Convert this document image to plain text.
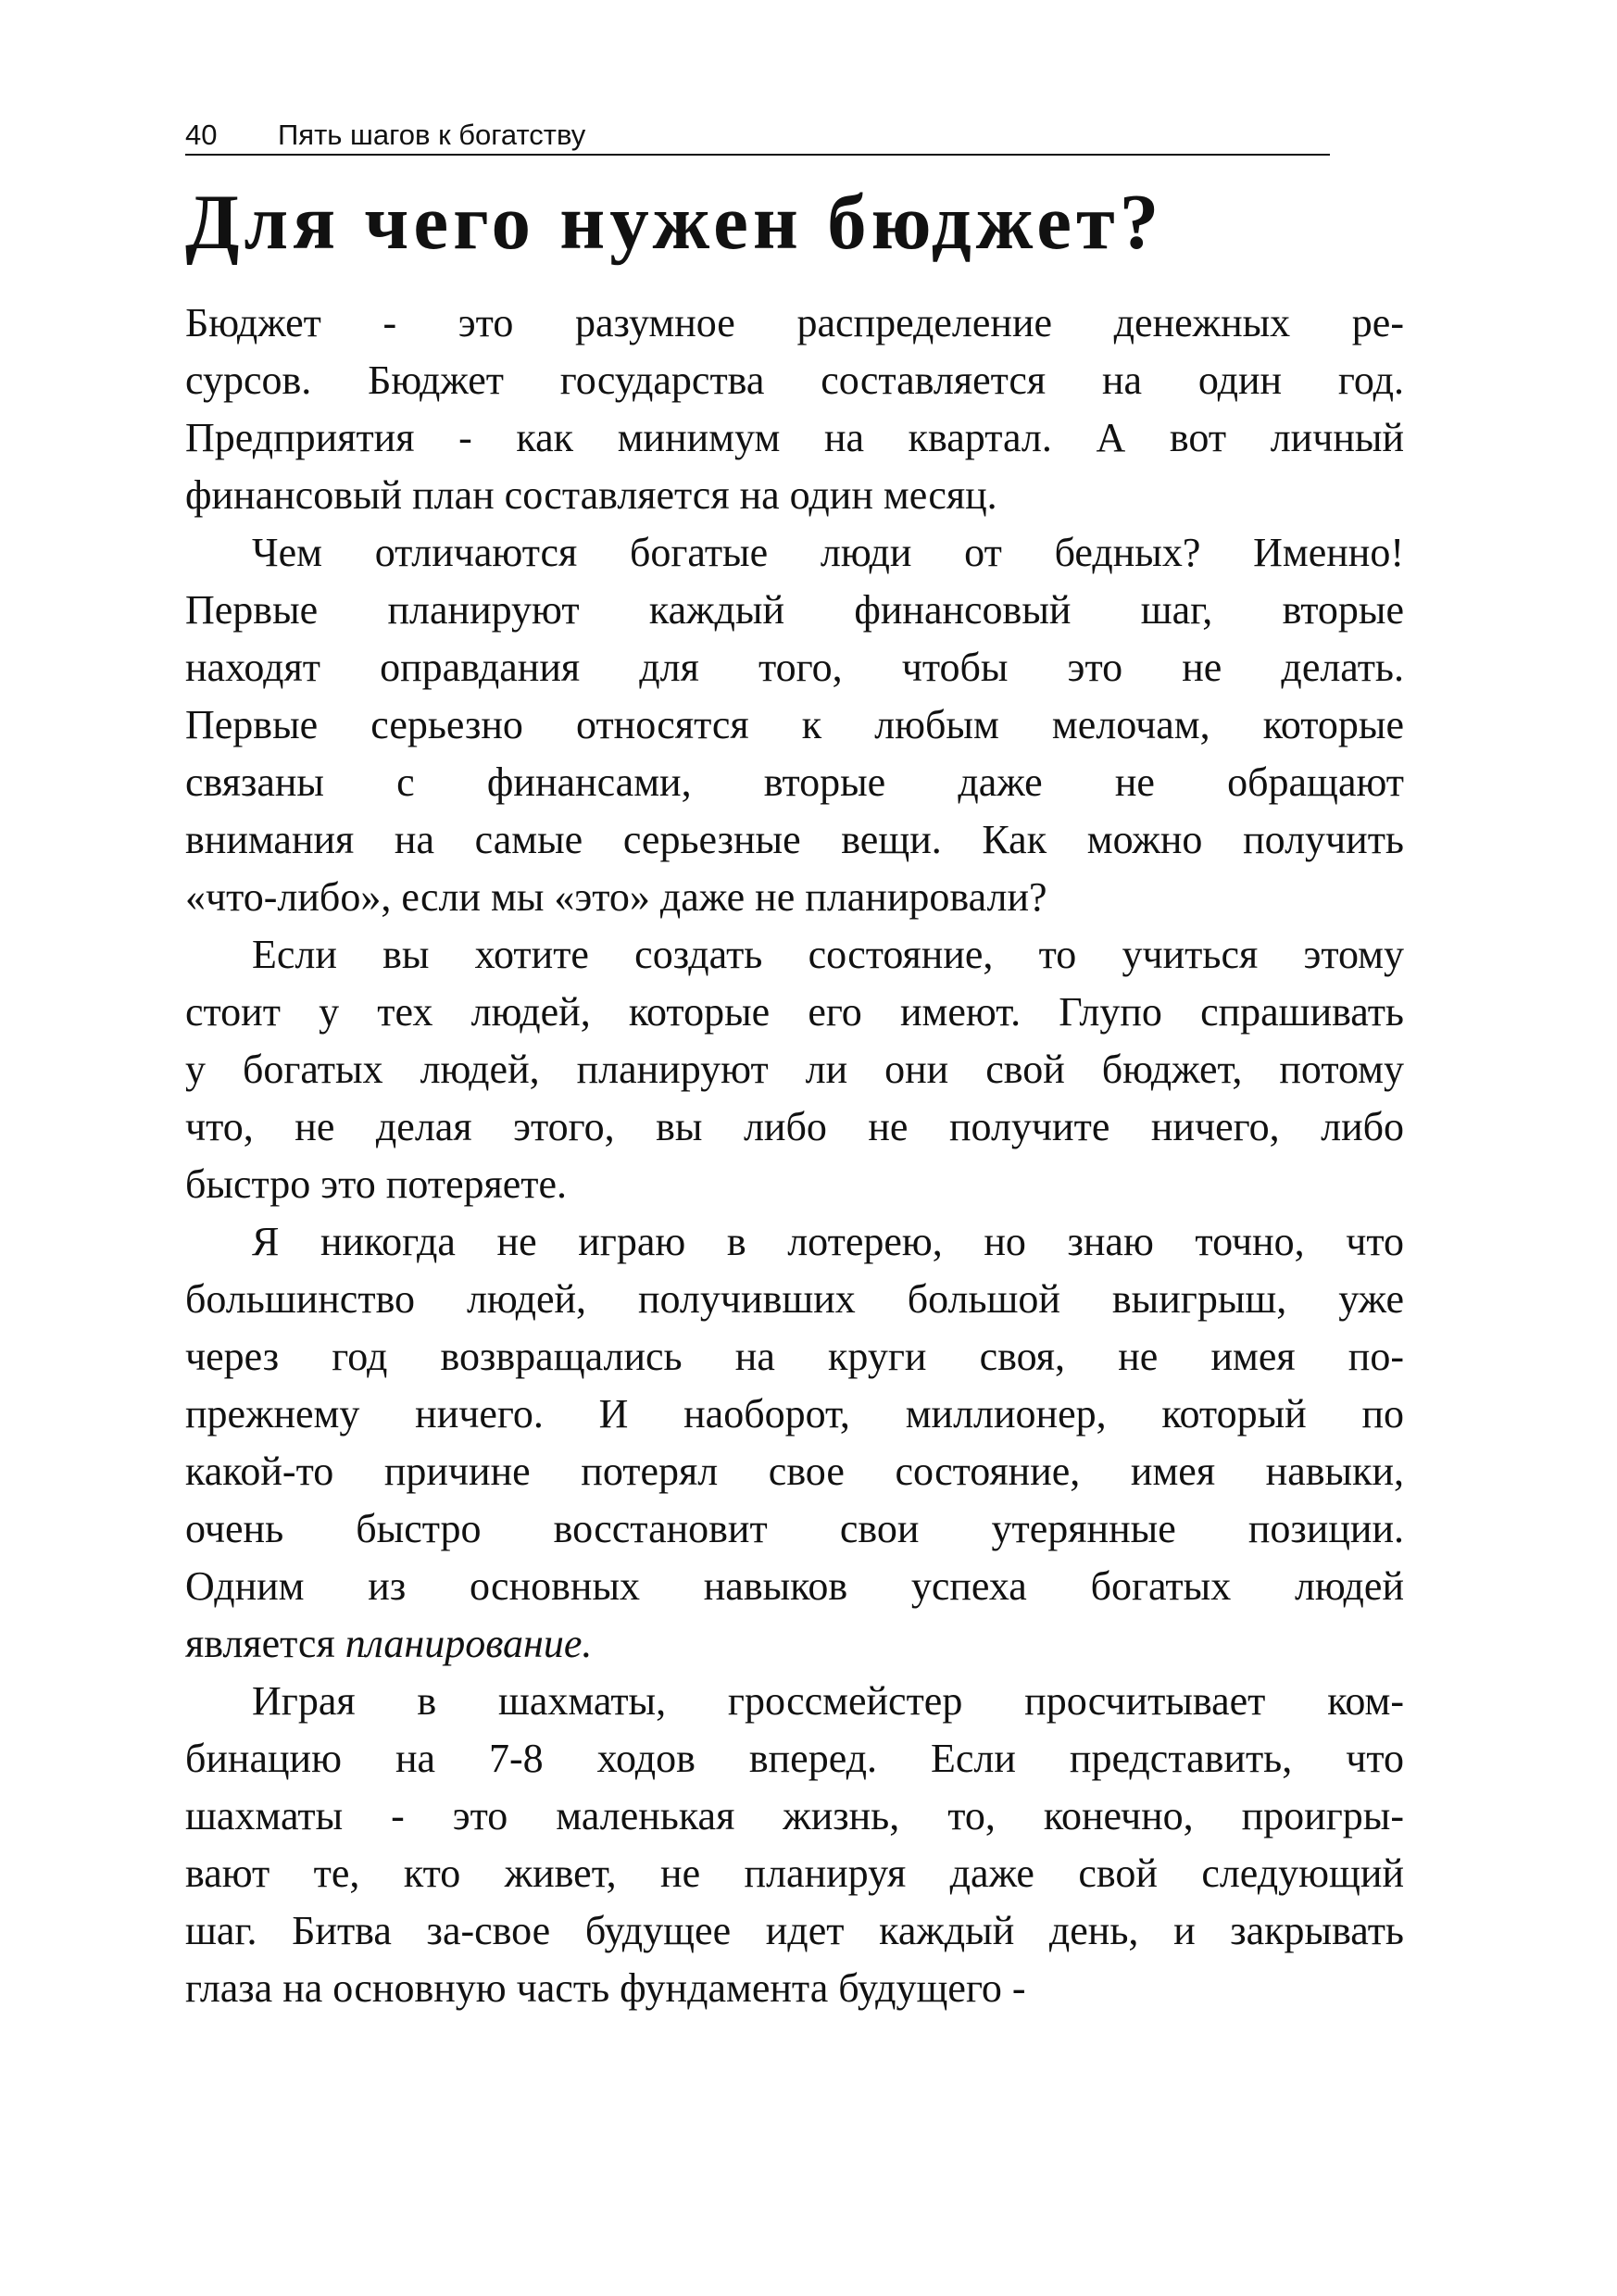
40 Пять шагов к богатству
Для чего нужен бюджет?
Бюджет - это разумное распределение денежных ре-
сурсов. Бюджет государства составляется на один год.
Предприятия - как минимум на квартал. А вот личный
финансовый план составляется на один месяц.
Чем отличаются богатые люди от бедных? Именно!
Первые планируют каждый финансовый шаг, вторые
находят оправдания для того, чтобы это не делать.
Первые серьезно относятся к любым мелочам, которые
связаны с финансами, вторые даже не обращают
внимания на самые серьезные вещи. Как можно получить
«что-либо», если мы «это» даже не планировали?
Если вы хотите создать состояние, то учиться этому
стоит у тех людей, которые его имеют. Глупо спрашивать
у богатых людей, планируют ли они свой бюджет, потому
что, не делая этого, вы либо не получите ничего, либо
быстро это потеряете.
Я никогда не играю в лотерею, но знаю точно, что
большинство людей, получивших большой выигрыш, уже
через год возвращались на круги своя, не имея по-
прежнему ничего. И наоборот, миллионер, который по
какой-то причине потерял свое состояние, имея навыки,
очень быстро восстановит свои утерянные позиции.
Одним из основных навыков успеха богатых людей
является планирование.
Играя в шахматы, гроссмейстер просчитывает ком-
бинацию на 7-8 ходов вперед. Если представить, что
шахматы - это маленькая жизнь, то, конечно, проигры-
вают те, кто живет, не планируя даже свой следующий
шаг. Битва за-свое будущее идет каждый день, и закрывать
глаза на основную часть фундамента будущего -
